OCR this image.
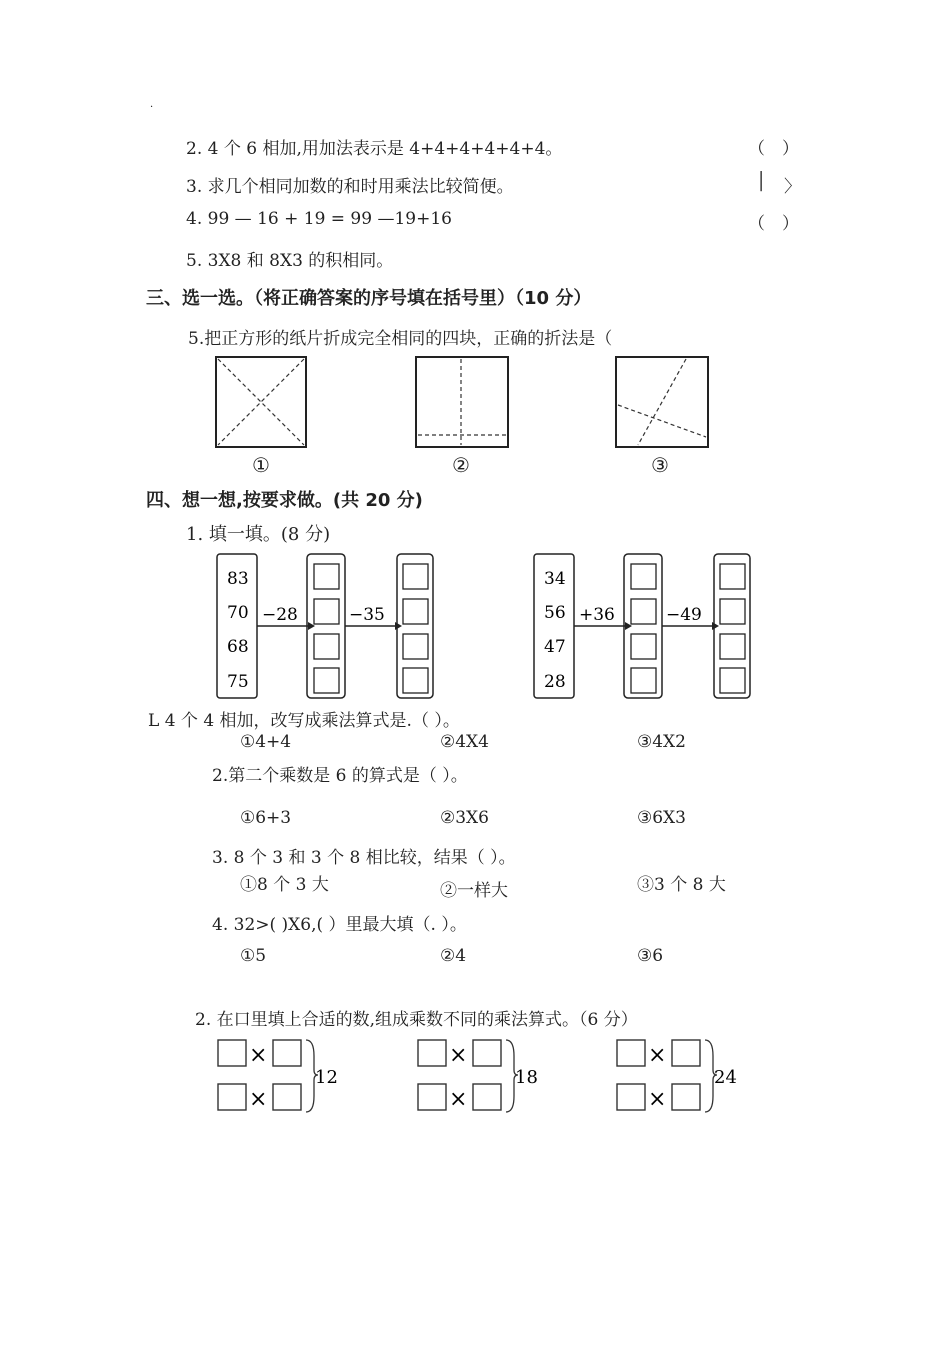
·
2. 4 个 6 相加,用加法表示是 4+4+4+4+4+4。
3. 求几个相同加数的和时用乘法比较简便。
4. 99 — 16 + 19 = 99 —19+16
5. 3X8 和 8X3 的积相同。
（ ）
│ 〉
（ ）
三、选一选。（将正确答案的序号填在括号里）（10 分）
5.把正方形的纸片折成完全相同的四块，正确的折法是（
①	②	③
四、想一想,按要求做。(共 20 分)
1. 填一填。(8 分)
83
70
68
75
−28	−35
34
56
47
28
+36	−49
L 4 个 4 相加，改写成乘法算式是.（ ）。
①4+4	②4X4	③4X2
2.第二个乘数是 6 的算式是（ ）。
①6+3	②3X6	③6X3
3. 8 个 3 和 3 个 8 相比较，结果（ ）。
①8 个 3 大	②一样大	③3 个 8 大
4. 32>( )X6,( ）里最大填（. ）。
①5	②4	③6
2. 在口里填上合适的数,组成乘数不同的乘法算式。（6 分）
×
×
12
×
×
18
×
×
24
